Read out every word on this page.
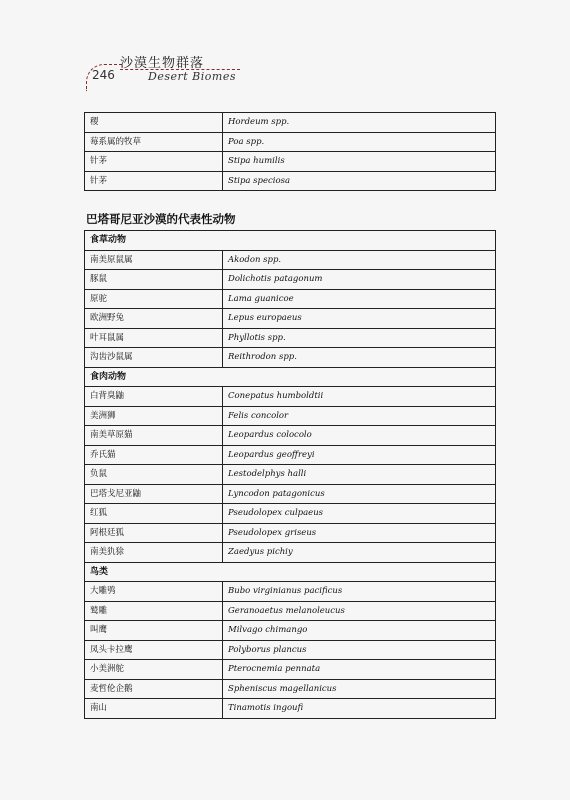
246
沙漠生物群落
Desert Biomes
稷	Hordeum spp.
莓系属的牧草	Poa spp.
针茅	Stipa humilis
针茅	Stipa speciosa
巴塔哥尼亚沙漠的代表性动物
食草动物	
南美原鼠属	Akodon spp.
豚鼠	Dolichotis patagonum
原驼	Lama guanicoe
欧洲野兔	Lepus europaeus
叶耳鼠属	Phyllotis spp.
沟齿沙鼠属	Reithrodon spp.
食肉动物	
白背臭鼬	Conepatus humboldtii
美洲狮	Felis concolor
南美草原猫	Leopardus colocolo
乔氏猫	Leopardus geoffreyi
负鼠	Lestodelphys halli
巴塔戈尼亚鼬	Lyncodon patagonicus
红狐	Pseudolopex culpaeus
阿根廷狐	Pseudolopex griseus
南美犰狳	Zaedyus pichiy
鸟类	
大雕鸮	Bubo virginianus pacificus
鹫雕	Geranoaetus melanoleucus
叫鹰	Milvago chimango
凤头卡拉鹰	Polyborus plancus
小美洲鸵	Pterocnemia pennata
麦哲伦企鹅	Spheniscus magellanicus
南山	Tinamotis ingoufi
